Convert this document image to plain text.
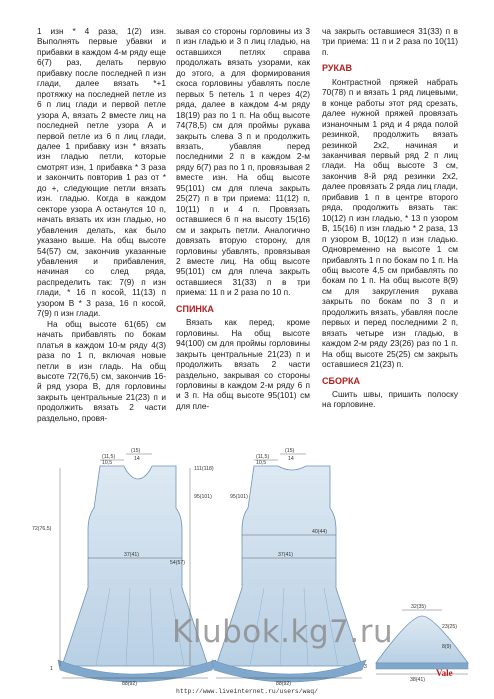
1 изн * 4 раза, 1(2) изн. Выполнять первые убавки и прибавки в каждом 4-м ряду еще 6(7) раз, делать первую прибавку после последней п изн глади, далее вязать *+1 протяжку на последней петле из 6 п лиц глади и первой петле узора A, вязать 2 вместе лиц на последней петле узора A и первой петле из 6 п лиц глади, далее 1 прибавку изн * вязать изн гладью петли, которые смотрят изн, 1 прибавка * 3 раза и закончить повторив 1 раз от * до +, следующие петли вязать изн. гладью. Когда в каждом секторе узора A останутся 10 п, начать вязать их изн гладью, но убавления делать, как было указано выше. На общ высоте 54(57) см, закончив указанные убавления и прибавления, начиная со след ряда, распределить так: 7(9) п изн глади, * 16 п косой, 11(13) п узором B * 3 раза, 16 п косой, 7(9) п изн глади.

На общ высоте 61(65) см начать прибавлять по бокам платья в каждом 10-м ряду 4(3) раза по 1 п, включая новые петли в изн гладь. На общ высоте 72(76,5) см, закончив 16-й ряд узора B, для горловины закрыть центральные 21(23) п и продолжить вязать 2 части раздельно, провя-

зывая со стороны горловины из 3 п изн гладью и 3 п лиц гладью, на оставшихся петлях справа продолжать вязать узорами, как до этого, а для формирования скоса горловины убавлять после первых 5 петель 1 п через 4(2) ряда, далее в каждом 4-м ряду 18(19) раз по 1 п. На общ высоте 74(78,5) см для проймы рукава закрыть слева 3 п и продолжить вязать, убавляя перед последними 2 п в каждом 2-м ряду 6(7) раз по 1 п, провязывая 2 вместе изн. На общ высоте 95(101) см для плеча закрыть 25(27) п в три приема: 11(12) п, 10(11) п и 4 п. Провязать оставшиеся 6 п на высоту 15(16) см и закрыть петли. Аналогично довязать вторую сторону, для горловины убавлять, провязывая 2 вместе лиц. На общ высоте 95(101) см для плеча закрыть оставшиеся 31(33) п в три приема: 11 п и 2 раза по 10 п.

СПИНКА

Вязать как перед, кроме горловины. На общ высоте 94(100) см для проймы горловины закрыть центральные 21(23) п и продолжить вязать 2 части раздельно, закрывая со стороны горловины в каждом 2-м ряду 6 п и 3 п. На общ высоте 95(101) см для пле-

ча закрыть оставшиеся 31(33) п в три приема: 11 п и 2 раза по 10(11) п.

РУКАВ

Контрастной пряжей набрать 70(78) п и вязать 1 ряд лицевыми, в конце работы этот ряд срезать, далее нужной пряжей провязать изнаночным 1 ряд и 4 ряда полой резинкой, продолжить вязать резинкой 2x2, начиная и заканчивая первый ряд 2 п лиц глади. На общ высоте 3 см, закончив 8-й ряд резинки 2x2, далее провязать 2 ряда лиц глади, прибавив 1 п в центре второго ряда, продолжить вязать так: 10(12) п изн гладью, * 13 п узором B, 15(16) п изн гладью * 2 раза, 13 п узором B, 10(12) п изн гладью. Одновременно на высоте 1 см прибавлять 1 п по бокам по 1 п. На общ высоте 4,5 см прибавлять по бокам по 1 п. На общ высоте 8(9) см для закругления рукава закрыть по бокам по 3 п и продолжить вязать, убавляя после первых и перед последними 2 п, вязать четыре изн гладью, в каждом 2-м ряду 23(26) раз по 1 п. На общ высоте 25(25) см закрыть оставшиеся 21(23) п.

СБОРКА

Сшить швы, пришить полоску на горловине.

(11,5)
10,5
(15)
14
111(118)
95(101)
72(76,5)
37(41)
54(57)
88(92)
1
(11,5)
10,5
(15)
14
40(44)
37(41)
88(92)
95(101)
32(35)
23(25)
8(9)
3
38(41)
Klubok.kg7.ru
Vale
http://www.liveinternet.ru/users/waq/
